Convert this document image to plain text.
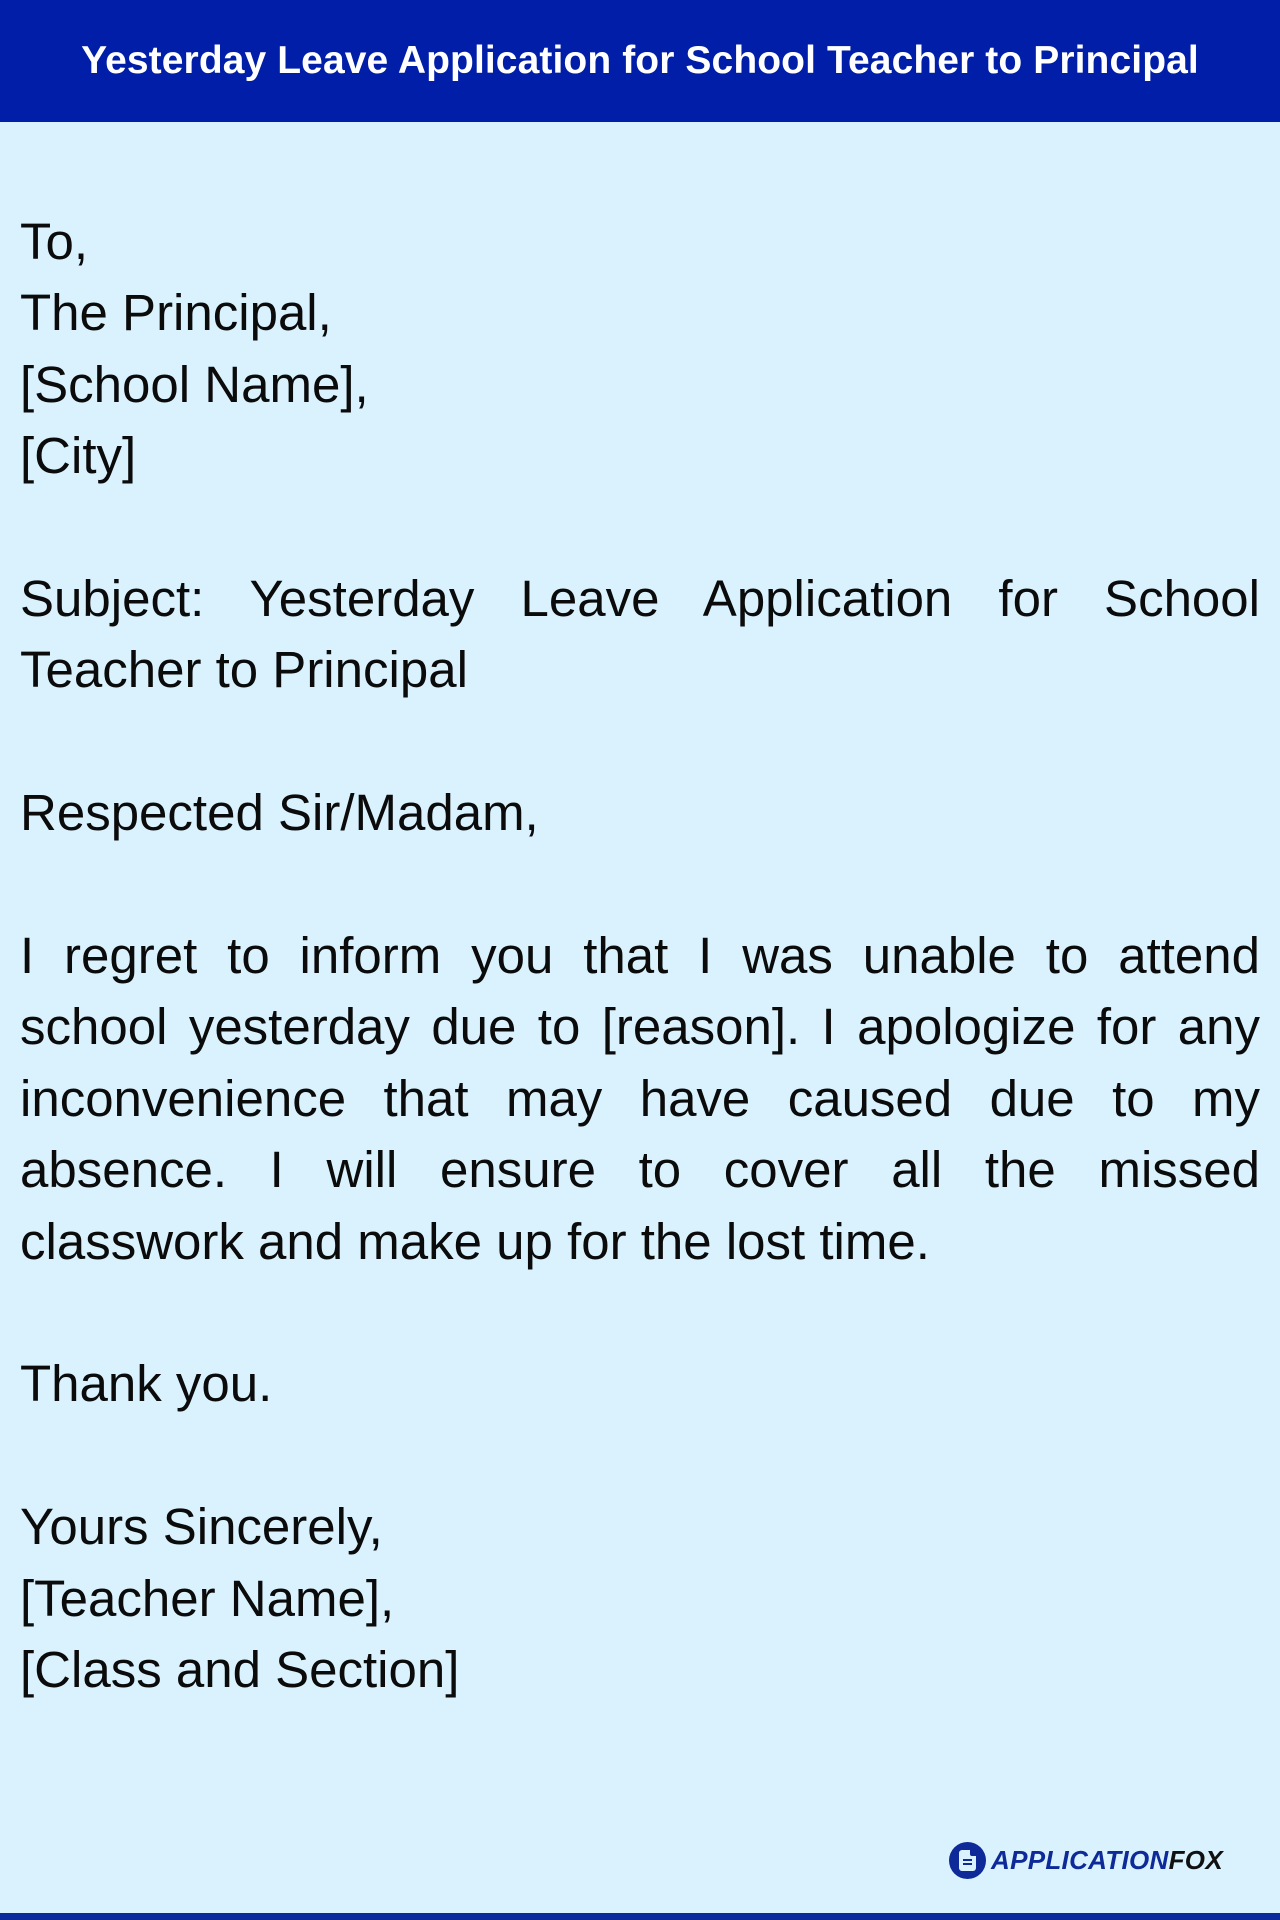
Yesterday Leave Application for School Teacher to Principal
To,
The Principal,
[School Name],
[City]
Subject: Yesterday Leave Application for School Teacher to Principal
Respected Sir/Madam,
I regret to inform you that I was unable to attend school yesterday due to [reason]. I apologize for any inconvenience that may have caused due to my absence. I will ensure to cover all the missed classwork and make up for the lost time.
Thank you.
Yours Sincerely,
[Teacher Name],
[Class and Section]
APPLICATIONFOX
